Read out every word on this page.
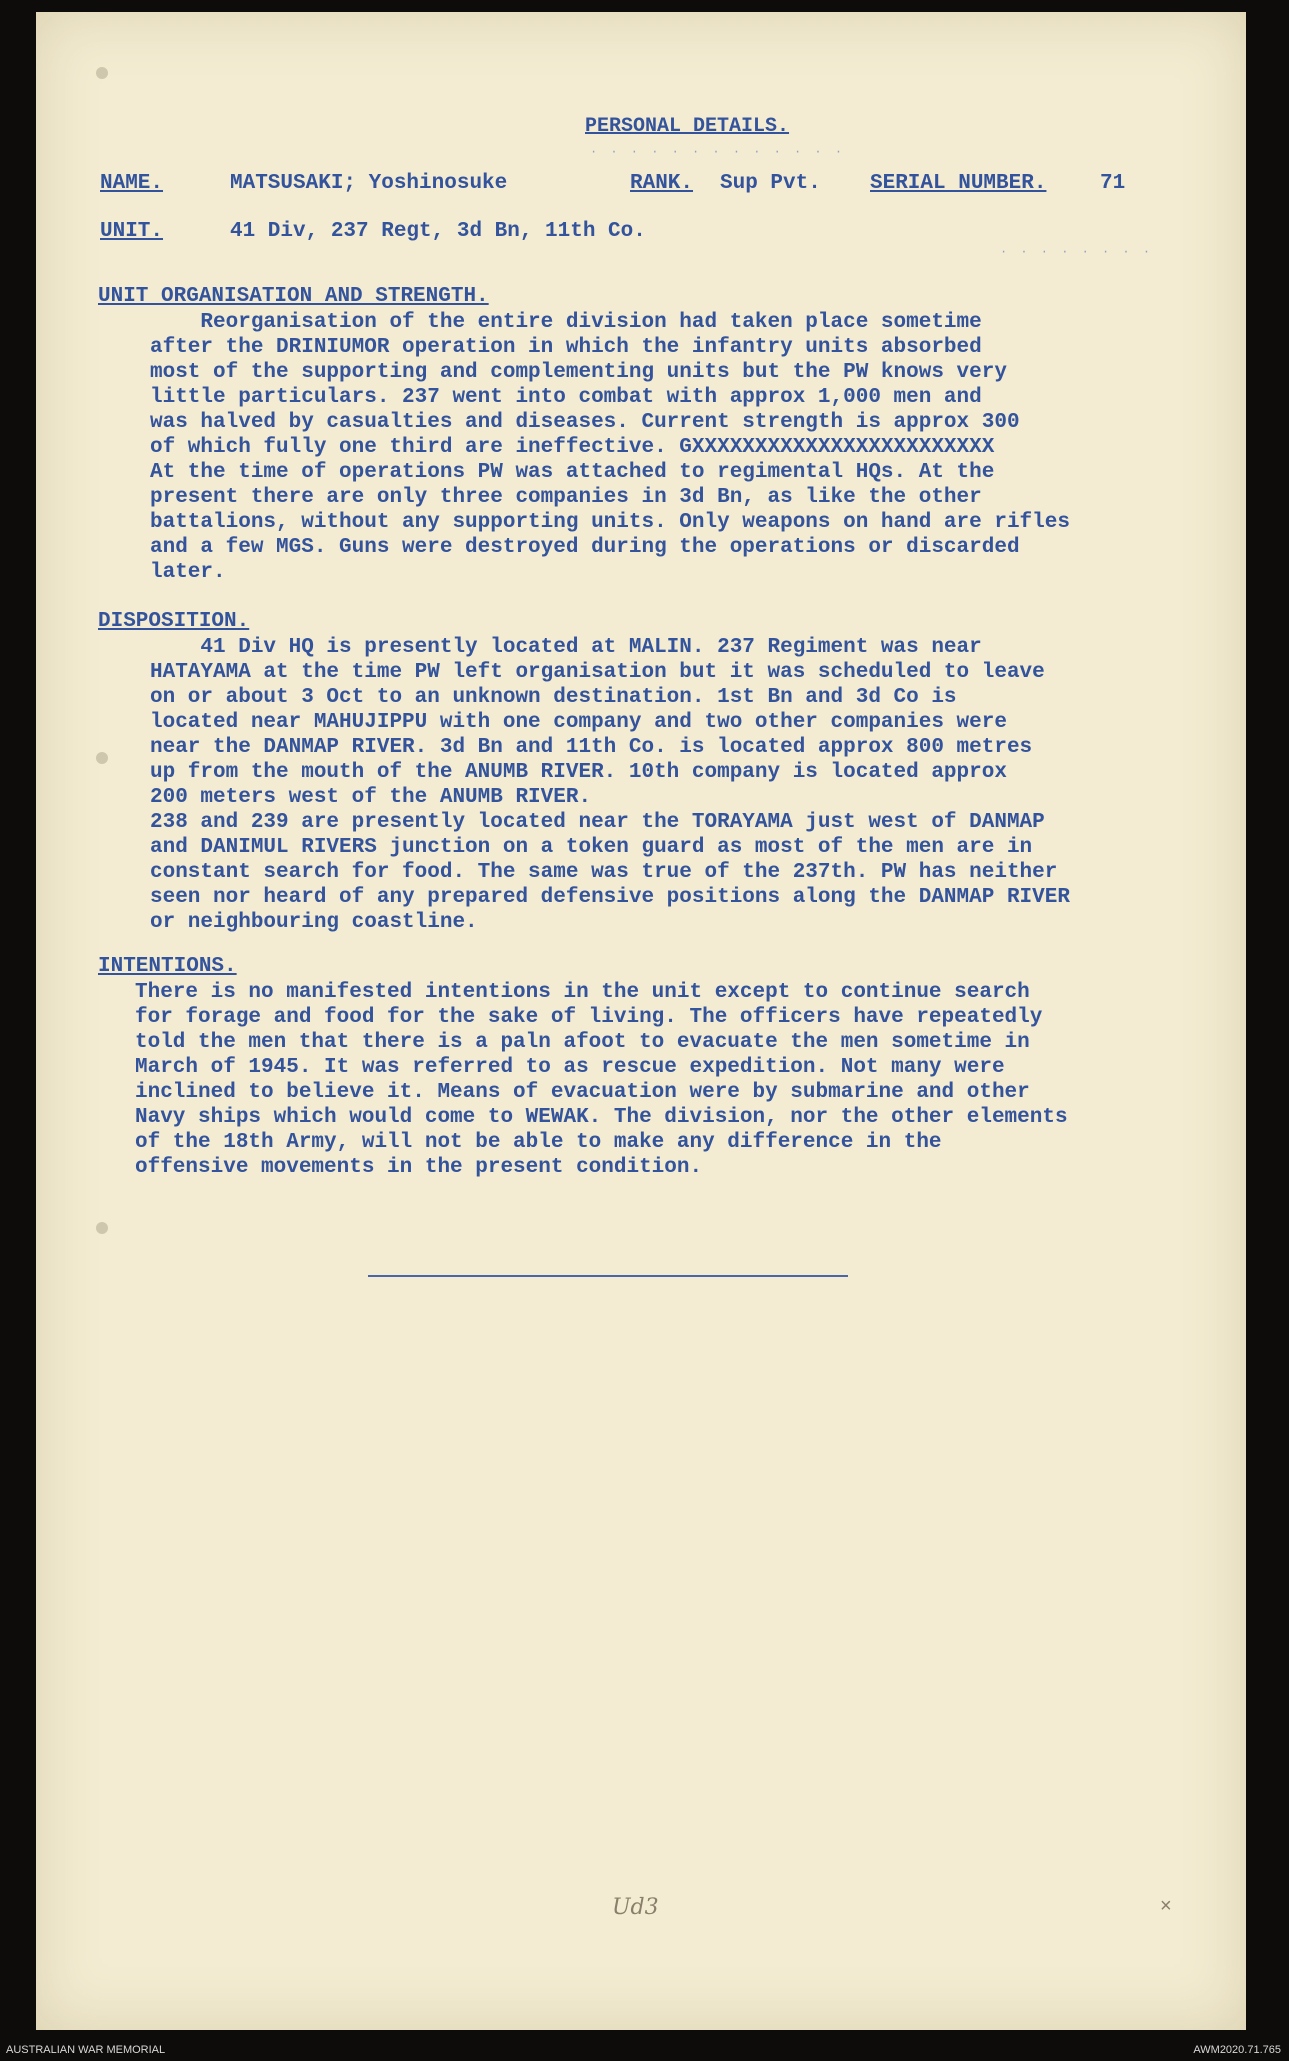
PERSONAL DETAILS.
· · · · · · · · · · · · ·
NAME.	MATSUSAKI; Yoshinosuke	RANK.	Sup Pvt.	SERIAL NUMBER.	71
UNIT.	41 Div, 237 Regt, 3d Bn, 11th Co.
· · · · · · · ·
UNIT ORGANISATION AND STRENGTH.
Reorganisation of the entire division had taken place sometime
after the DRINIUMOR operation in which the infantry units absorbed
most of the supporting and complementing units but the PW knows very
little particulars. 237 went into combat with approx 1,000 men and
was halved by casualties and diseases. Current strength is approx 300
of which fully one third are ineffective. GXXXXXXXXXXXXXXXXXXXXXXXX
At the time of operations PW was attached to regimental HQs. At the
present there are only three companies in 3d Bn, as like the other
battalions, without any supporting units. Only weapons on hand are rifles
and a few MGS. Guns were destroyed during the operations or discarded
later.
DISPOSITION.
41 Div HQ is presently located at MALIN. 237 Regiment was near
HATAYAMA at the time PW left organisation but it was scheduled to leave
on or about 3 Oct to an unknown destination. 1st Bn and 3d Co is
located near MAHUJIPPU with one company and two other companies were
near the DANMAP RIVER. 3d Bn and 11th Co. is located approx 800 metres
up from the mouth of the ANUMB RIVER. 10th company is located approx
200 meters west of the ANUMB RIVER.
238 and 239 are presently located near the TORAYAMA just west of DANMAP
and DANIMUL RIVERS junction on a token guard as most of the men are in
constant search for food. The same was true of the 237th. PW has neither
seen nor heard of any prepared defensive positions along the DANMAP RIVER
or neighbouring coastline.
INTENTIONS.
There is no manifested intentions in the unit except to continue search
for forage and food for the sake of living. The officers have repeatedly
told the men that there is a paln afoot to evacuate the men sometime in
March of 1945. It was referred to as rescue expedition. Not many were
inclined to believe it. Means of evacuation were by submarine and other
Navy ships which would come to WEWAK. The division, nor the other elements
of the 18th Army, will not be able to make any difference in the
offensive movements in the present condition.
Ud3	×
AUSTRALIAN WAR MEMORIAL	AWM2020.71.765
